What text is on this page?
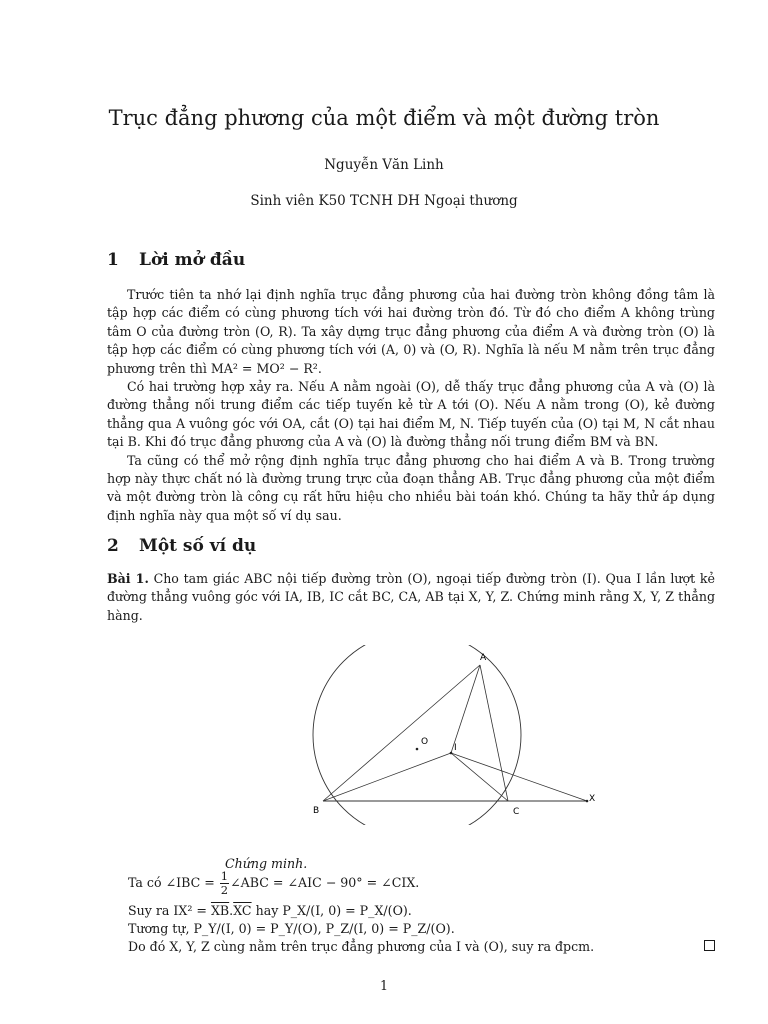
Trục đẳng phương của một điểm và một đường tròn
Nguyễn Văn Linh
Sinh viên K50 TCNH DH Ngoại thương
1 Lời mở đầu

Trước tiên ta nhớ lại định nghĩa trục đẳng phương của hai đường tròn không đồng tâm là tập hợp các điểm có cùng phương tích với hai đường tròn đó. Từ đó cho điểm A không trùng tâm O của đường tròn (O, R). Ta xây dựng trục đẳng phương của điểm A và đường tròn (O) là tập hợp các điểm có cùng phương tích với (A, 0) và (O, R). Nghĩa là nếu M nằm trên trục đẳng phương trên thì MA² = MO² − R².

Có hai trường hợp xảy ra. Nếu A nằm ngoài (O), dễ thấy trục đẳng phương của A và (O) là đường thẳng nối trung điểm các tiếp tuyến kẻ từ A tới (O). Nếu A nằm trong (O), kẻ đường thẳng qua A vuông góc với OA, cắt (O) tại hai điểm M, N. Tiếp tuyến của (O) tại M, N cắt nhau tại B. Khi đó trục đẳng phương của A và (O) là đường thẳng nối trung điểm BM và BN.

Ta cũng có thể mở rộng định nghĩa trục đẳng phương cho hai điểm A và B. Trong trường hợp này thực chất nó là đường trung trực của đoạn thẳng AB. Trục đẳng phương của một điểm và một đường tròn là công cụ rất hữu hiệu cho nhiều bài toán khó. Chúng ta hãy thử áp dụng định nghĩa này qua một số ví dụ sau.

2 Một số ví dụ
Bài 1. Cho tam giác ABC nội tiếp đường tròn (O), ngoại tiếp đường tròn (I). Qua I lần lượt kẻ đường thẳng vuông góc với IA, IB, IC cắt BC, CA, AB tại X, Y, Z. Chứng minh rằng X, Y, Z thẳng hàng.
A
B	C
O
I
X
Chứng minh.
Ta có ∠IBC = $\frac{1}{2}$ ∠ABC = ∠AIC − 90° = ∠CIX.
Suy ra $IX^2 = \overline{XB}.\overline{XC}$ hay P_X/(I, 0) = P_X/(O).
Tương tự, P_Y/(I, 0) = P_Y/(O), P_Z/(I, 0) = P_Z/(O).
Do đó X, Y, Z cùng nằm trên trục đẳng phương của I và (O), suy ra đpcm.
1
